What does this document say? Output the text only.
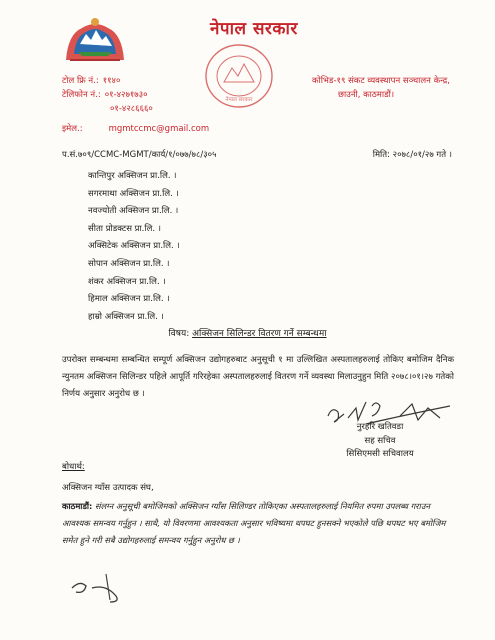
नेपाल सरकार
नेपाल सरकार
टोल फ्रि नं.: ११४०
टेलिफोन नं.: ०१-४२७१७३०
०१-४२८६६६०
इमेल.:	mgmtccmc@gmail.com
कोभिड-१९ संकट व्यवस्थापन सञ्चालन केन्द्र,
छाउनी, काठमाडौं।
प.सं.७०९/CCMC-MGMT/कार्य/१/०७७/७८/३०५	मिति: २०७८/०१/२७ गते ।
कान्तिपुर अक्सिजन प्रा.लि. ।
सगरमाथा अक्सिजन प्रा.लि. ।
नवज्योती अक्सिजन प्रा.लि. ।
सीता प्रोडक्टस प्रा.लि. ।
अक्सिटेक अक्सिजन प्रा.लि. ।
सोपान अक्सिजन प्रा.लि. ।
शंकर अक्सिजन प्रा.लि. ।
हिमाल अक्सिजन प्रा.लि. ।
हाम्रो अक्सिजन प्रा.लि. ।
विषय: अक्सिजन सिलिन्डर वितरण गर्ने सम्बन्धमा
उपरोक्त सम्बन्धमा सम्बन्धित सम्पूर्ण अक्सिजन उद्योगहरुबाट अनुसूची १ मा उल्लिखित अस्पतालहरुलाई तोकिए बमोजिम दैनिक न्युनतम अक्सिजन सिलिन्डर पहिले आपूर्ति गरिरहेका अस्पतालहरुलाई वितरण गर्ने व्यवस्था मिलाउनुहुन मिति २०७८।०१।२७ गतेको निर्णय अनुसार अनुरोध छ ।
नुरहरि खतिवडा
सह सचिव
सिसिएमसी सचिवालय
बोधार्थ:
अक्सिजन ग्याँस उत्पादक संघ,
काठमाडौं: संलग्न अनुसूची बमोजिमको अक्सिजन ग्याँस सिलिण्डर तोकिएका अस्पतालहरुलाई नियमित रुपमा उपलब्ध गराउन आवश्यक समन्वय गर्नुहुन । साथै, यो विवरणमा आवश्यकता अनुसार भविष्यमा थपघट हुनसक्ने भएकोले पछि थपघट भए बमोजिम समेत हुने गरी सबै उद्योगहरुलाई समन्वय गर्नुहुन अनुरोध छ ।
